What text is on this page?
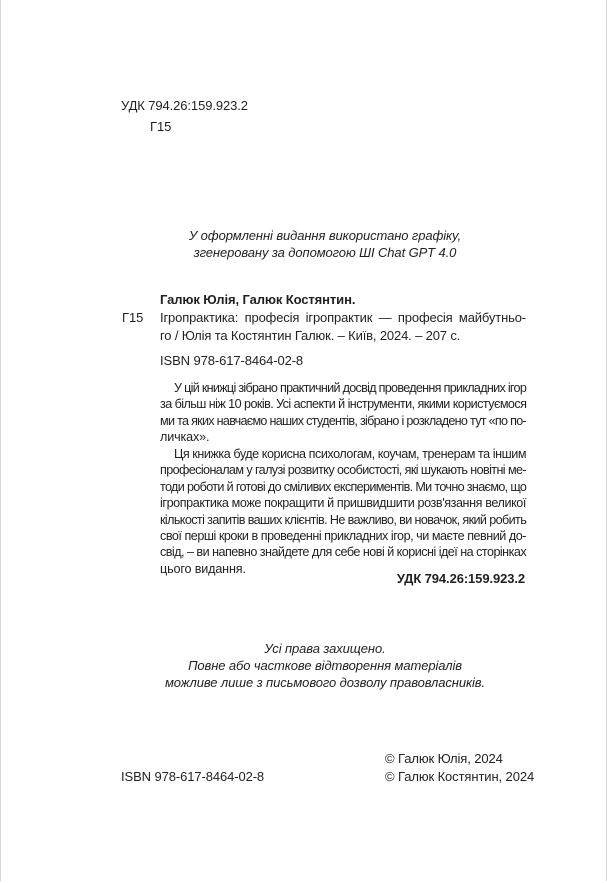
УДК 794.26:159.923.2
Г15
У оформленні видання використано графіку,
згенеровану за допомогою ШІ Chat GPT 4.0
Галюк Юлія, Галюк Костянтин.
Г15 Ігропрактика: професія ігропрактик — професія майбутньо-
го / Юлія та Костянтин Галюк. – Київ, 2024. – 207 с.
ISBN 978-617-8464-02-8
У цій книжці зібрано практичний досвід проведення прикладних ігор
за більш ніж 10 років. Усі аспекти й інструменти, якими користуємося
ми та яких навчаємо наших студентів, зібрано і розкладено тут «по по-
личках».
Ця книжка буде корисна психологам, коучам, тренерам та іншим
професіоналам у галузі розвитку особистості, які шукають новітні ме-
тоди роботи й готові до сміливих експериментів. Ми точно знаємо, що
ігропрактика може покращити й пришвидшити розв'язання великої
кількості запитів ваших клієнтів. Не важливо, ви новачок, який робить
свої перші кроки в проведенні прикладних ігор, чи маєте певний до-
свід, – ви напевно знайдете для себе нові й корисні ідеї на сторінках
цього видання.
УДК 794.26:159.923.2
Усі права захищено.
Повне або часткове відтворення матеріалів
можливе лише з письмового дозволу правовласників.
ISBN 978-617-8464-02-8
© Галюк Юлія, 2024
© Галюк Костянтин, 2024
